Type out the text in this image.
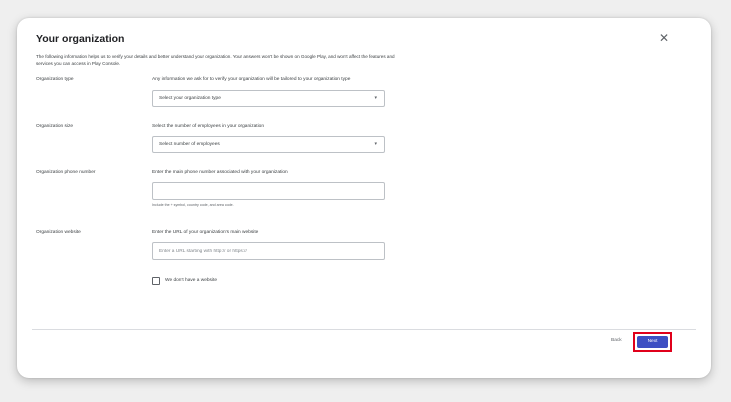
Your organization	✕
The following information helps us to verify your details and better understand your organization. Your answers won't be shown on Google Play, and won't affect the features and services you can access in Play Console.
Organization type	Any information we ask for to verify your organization will be tailored to your organization type
Select your organization type	▾
Organization size	Select the number of employees in your organization
Select number of employees	▾
Organization phone number	Enter the main phone number associated with your organization
Include the + symbol, country code, and area code.
Organization website	Enter the URL of your organization's main website
Enter a URL starting with http:// or https://
We don't have a website
Back	Next
